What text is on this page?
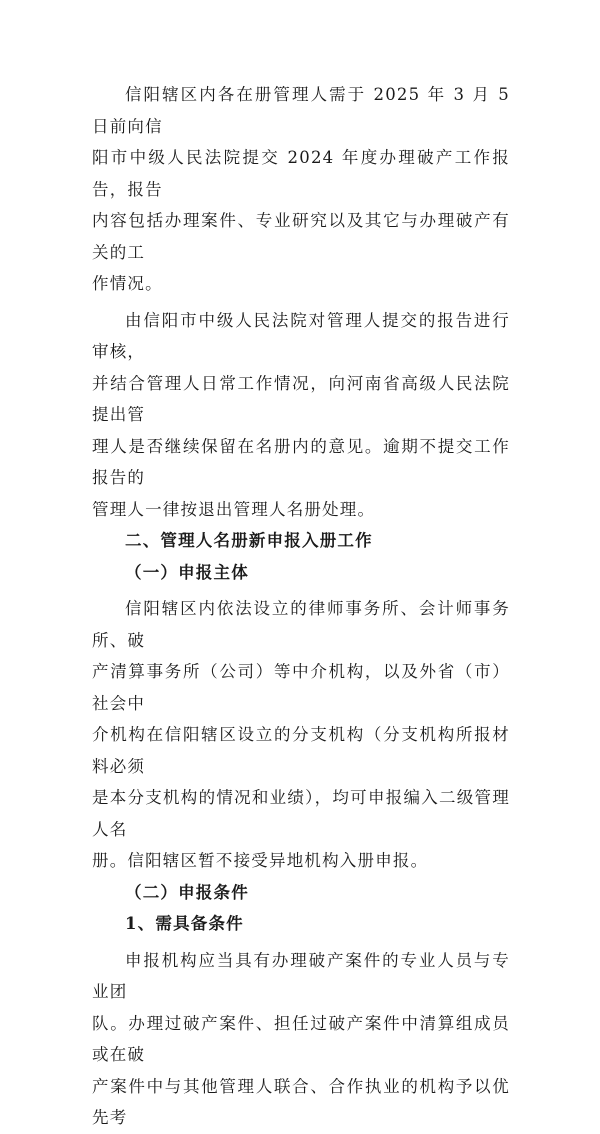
信阳辖区内各在册管理人需于 2025 年 3 月 5 日前向信
阳市中级人民法院提交 2024 年度办理破产工作报告，报告
内容包括办理案件、专业研究以及其它与办理破产有关的工
作情况。

由信阳市中级人民法院对管理人提交的报告进行审核，
并结合管理人日常工作情况，向河南省高级人民法院提出管
理人是否继续保留在名册内的意见。逾期不提交工作报告的
管理人一律按退出管理人名册处理。

二、管理人名册新申报入册工作

（一）申报主体

信阳辖区内依法设立的律师事务所、会计师事务所、破
产清算事务所（公司）等中介机构，以及外省（市）社会中
介机构在信阳辖区设立的分支机构（分支机构所报材料必须
是本分支机构的情况和业绩），均可申报编入二级管理人名
册。信阳辖区暂不接受异地机构入册申报。

（二）申报条件

1、需具备条件

申报机构应当具有办理破产案件的专业人员与专业团
队。办理过破产案件、担任过破产案件中清算组成员或在破
产案件中与其他管理人联合、合作执业的机构予以优先考
